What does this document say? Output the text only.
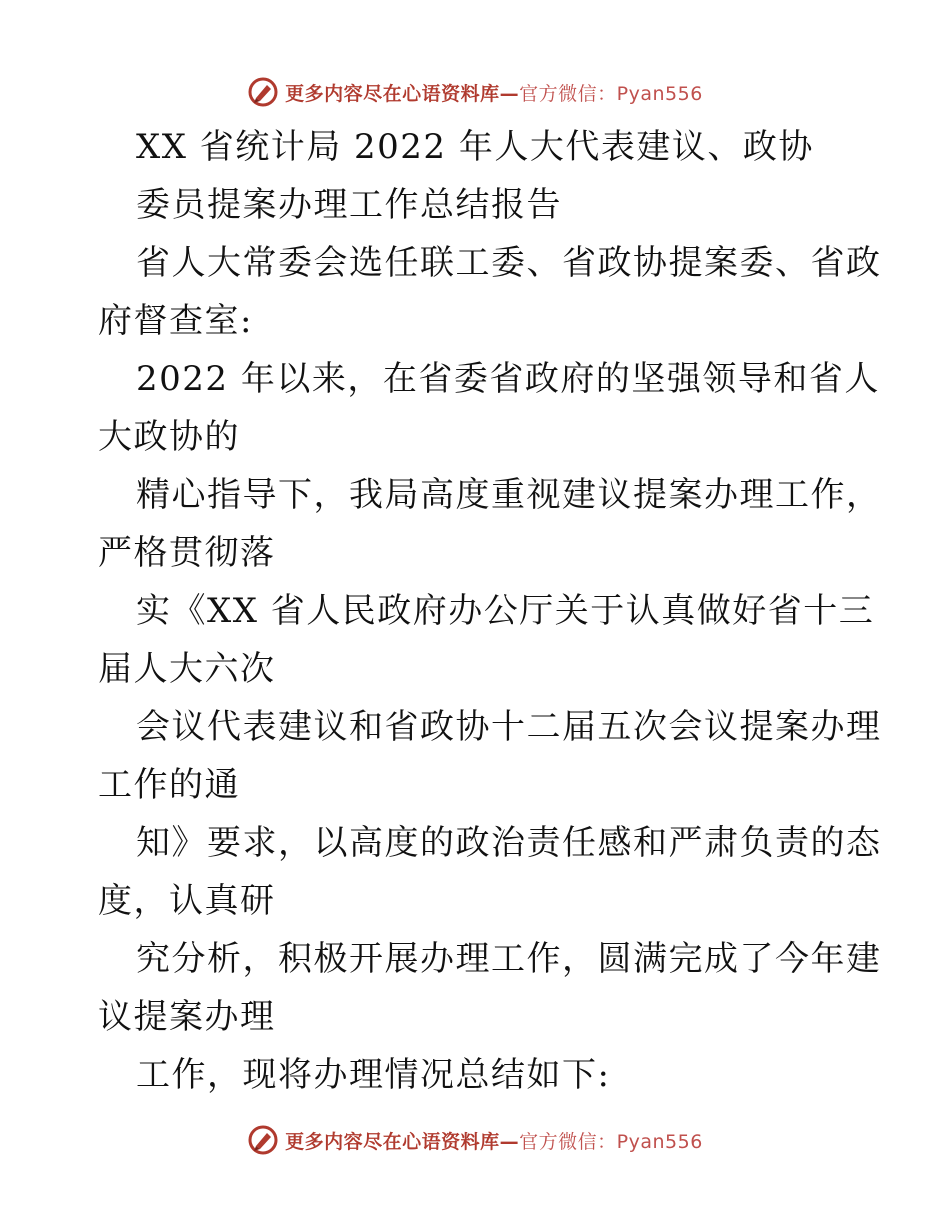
更多内容尽在心语资料库—官方微信：Pyan556
XX 省统计局 2022 年人大代表建议、政协
委员提案办理工作总结报告
省人大常委会选任联工委、省政协提案委、省政
府督查室:
2022 年以来，在省委省政府的坚强领导和省人
大政协的
精心指导下，我局高度重视建议提案办理工作，
严格贯彻落
实《XX 省人民政府办公厅关于认真做好省十三
届人大六次
会议代表建议和省政协十二届五次会议提案办理
工作的通
知》要求，以高度的政治责任感和严肃负责的态
度，认真研
究分析，积极开展办理工作，圆满完成了今年建
议提案办理
工作，现将办理情况总结如下:
更多内容尽在心语资料库—官方微信：Pyan556
